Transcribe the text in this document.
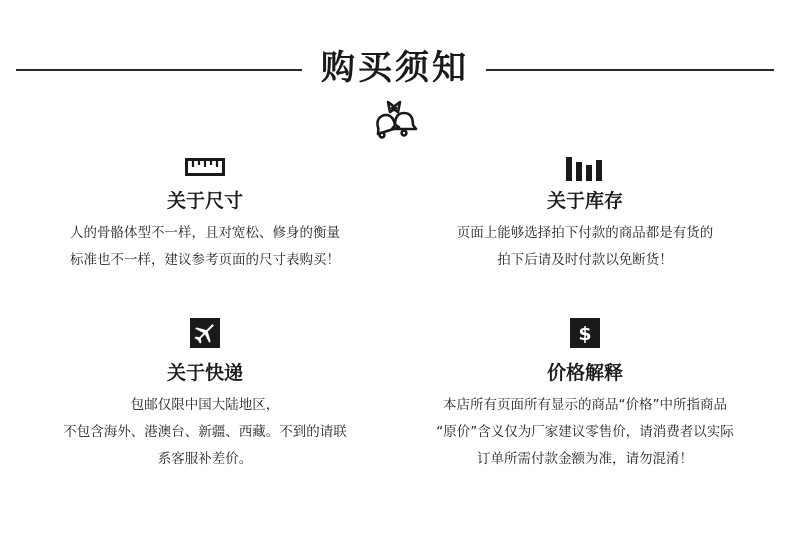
购买须知
关于尺寸
人的骨骼体型不一样，且对宽松、修身的衡量
标准也不一样，建议参考页面的尺寸表购买！
关于库存
页面上能够选择拍下付款的商品都是有货的
拍下后请及时付款以免断货！
关于快递
包邮仅限中国大陆地区，
不包含海外、港澳台、新疆、西藏。不到的请联
系客服补差价。
$
价格解释
本店所有页面所有显示的商品“价格”中所指商品
“原价”含义仅为厂家建议零售价，请消费者以实际
订单所需付款金额为准，请勿混淆！
